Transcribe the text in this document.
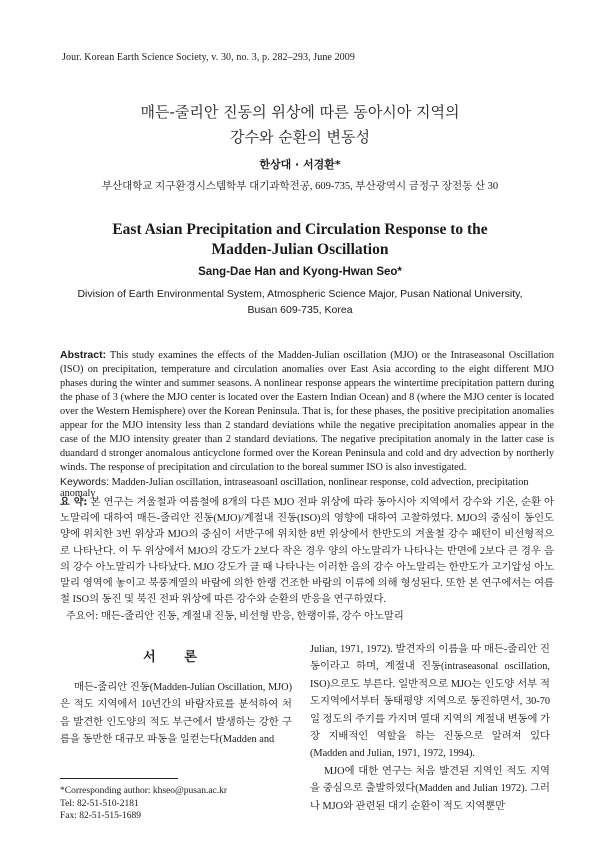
Jour. Korean Earth Science Society, v. 30, no. 3, p. 282–293, June 2009
매든-줄리안 진동의 위상에 따른 동아시아 지역의
강수와 순환의 변동성
한상대 · 서경환*
부산대학교 지구환경시스템학부 대기과학전공, 609-735, 부산광역시 금정구 장전동 산 30
East Asian Precipitation and Circulation Response to the
Madden-Julian Oscillation
Sang-Dae Han and Kyong-Hwan Seo*
Division of Earth Environmental System, Atmospheric Science Major, Pusan National University,
Busan 609-735, Korea
Abstract: This study examines the effects of the Madden-Julian oscillation (MJO) or the Intraseasonal Oscillation (ISO) on precipitation, temperature and circulation anomalies over East Asia according to the eight different MJO phases during the winter and summer seasons. A nonlinear response appears the wintertime precipitation pattern during the phase of 3 (where the MJO center is located over the Eastern Indian Ocean) and 8 (where the MJO center is located over the Western Hemisphere) over the Korean Peninsula. That is, for these phases, the positive precipitation anomalies appear for the MJO intensity less than 2 standard deviations while the negative precipitation anomalies appear in the case of the MJO intensity greater than 2 standard deviations. The negative precipitation anomaly in the latter case is duandard d stronger anomalous anticyclone formed over the Korean Peninsula and cold and dry advection by northerly winds. The response of precipitation and circulation to the boreal summer ISO is also investigated.
Keywords: Madden-Julian oscillation, intraseasoanl oscillation, nonlinear response, cold advection, precipitation anomaly
요 약: 본 연구는 겨울철과 여름철에 8개의 다른 MJO 전파 위상에 따라 동아시아 지역에서 강수와 기온, 순환 아노말리에 대하여 매든-줄리안 진동(MJO)/계절내 진동(ISO)의 영향에 대하여 고찰하였다. MJO의 중심이 동인도양에 위치한 3번 위상과 MJO의 중심이 서반구에 위치한 8번 위상에서 한반도의 겨울철 강수 패턴이 비선형적으로 나타난다. 이 두 위상에서 MJO의 강도가 2보다 작은 경우 양의 아노말리가 나타나는 반면에 2보다 큰 경우 음의 강수 아노말리가 나타났다. MJO 강도가 클 때 나타나는 이러한 음의 강수 아노말리는 한반도가 고기압성 아노말리 영역에 놓이고 북풍계열의 바람에 의한 한랭 건조한 바람의 이류에 의해 형성된다. 또한 본 연구에서는 여름철 ISO의 동진 및 북진 전파 위상에 따른 강수와 순환의 반응을 연구하였다.
주요어: 매든-줄리안 진동, 계절내 진동, 비선형 반응, 한랭이류, 강수 아노말리
서 론
매든-줄리안 진동(Madden-Julian Oscillation, MJO)은 적도 지역에서 10년간의 바람자료를 분석하여 처음 발견한 인도양의 적도 부근에서 발생하는 강한 구름을 동반한 대규모 파동을 일컫는다(Madden and

Julian, 1971, 1972). 발견자의 이름을 따 매든-줄리안 진동이라고 하며, 계절내 진동(intraseasonal oscillation, ISO)으로도 부른다. 일반적으로 MJO는 인도양 서부 적도지역에서부터 동태평양 지역으로 동진하면서, 30-70일 정도의 주기를 가지며 열대 지역의 계절내 변동에 가장 지배적인 역할을 하는 진동으로 알려져 있다(Madden and Julian, 1971, 1972, 1994).

MJO에 대한 연구는 처음 발견된 지역인 적도 지역을 중심으로 출발하였다(Madden and Julian 1972). 그러나 MJO와 관련된 대기 순환이 적도 지역뿐만

*Corresponding author: khseo@pusan.ac.kr
Tel: 82-51-510-2181
Fax: 82-51-515-1689
